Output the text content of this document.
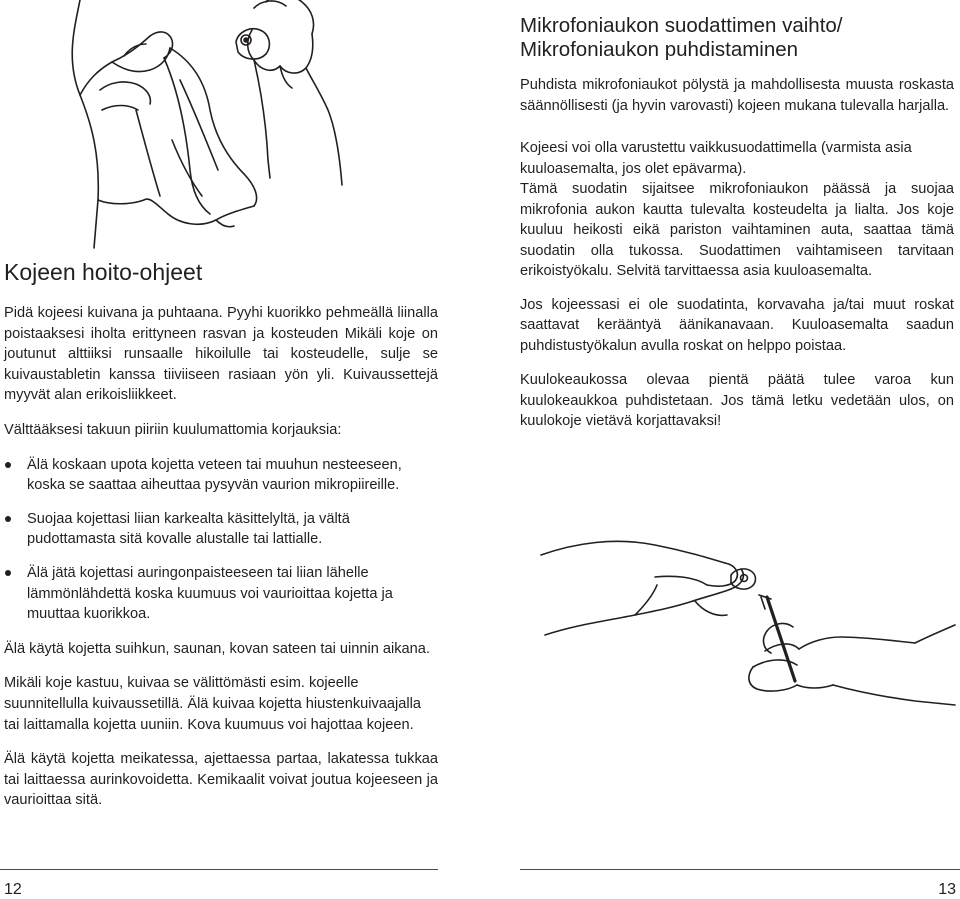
Kojeen hoito-ohjeet

Pidä kojeesi kuivana ja puhtaana. Pyyhi kuorikko pehmeällä liinalla poistaaksesi iholta erittyneen rasvan ja kosteuden Mikäli koje on joutunut alttiiksi runsaalle hikoilulle tai kosteudelle, sulje se kuivaustabletin kanssa tiiviiseen rasiaan yön yli. Kuivaussettejä myyvät alan erikoisliikkeet.

Välttääksesi takuun piiriin kuulumattomia korjauksia:

Älä koskaan upota kojetta veteen tai muuhun nesteeseen, koska se saattaa aiheuttaa pysyvän vaurion mikropiireille.
Suojaa kojettasi liian karkealta käsittelyltä, ja vältä pudottamasta sitä kovalle alustalle tai lattialle.
Älä jätä kojettasi auringonpaisteeseen tai liian lähelle lämmönlähdettä koska kuumuus voi vaurioittaa kojetta ja muuttaa kuorikkoa.

Älä käytä kojetta suihkun, saunan, kovan sateen tai uinnin aikana.

Mikäli koje kastuu, kuivaa se välittömästi esim. kojeelle suunnitellulla kuivaussetillä. Älä kuivaa kojetta hiustenkuivaajalla tai laittamalla kojetta uuniin. Kova kuumuus voi hajottaa kojeen.

Älä käytä kojetta meikatessa, ajettaessa partaa, lakatessa tukkaa tai laittaessa aurinkovoidetta. Kemikaalit voivat joutua kojeeseen ja vaurioittaa sitä.

Mikrofoniaukon suodattimen vaihto/
Mikrofoniaukon puhdistaminen

Puhdista mikrofoniaukot pölystä ja mahdollisesta muusta roskasta säännöllisesti (ja hyvin varovasti) kojeen mukana tulevalla harjalla.

Kojeesi voi olla varustettu vaikkusuodattimella (varmista asia kuuloasemalta, jos olet epävarma).

Tämä suodatin sijaitsee mikrofoniaukon päässä ja suojaa mikrofonia aukon kautta tulevalta kosteudelta ja lialta. Jos koje kuuluu heikosti eikä pariston vaihtaminen auta, saattaa tämä suodatin olla tukossa. Suodattimen vaihtamiseen tarvitaan erikoistyökalu. Selvitä tarvittaessa asia kuuloasemalta.

Jos kojeessasi ei ole suodatinta, korvavaha ja/tai muut roskat saattavat kerääntyä äänikanavaan. Kuuloasemalta saadun puhdistustyökalun avulla roskat on helppo poistaa.

Kuulokeaukossa olevaa pientä päätä tulee varoa kun kuulokeaukkoa puhdistetaan. Jos tämä letku vedetään ulos, on kuulokoje vietävä korjattavaksi!

12	13
